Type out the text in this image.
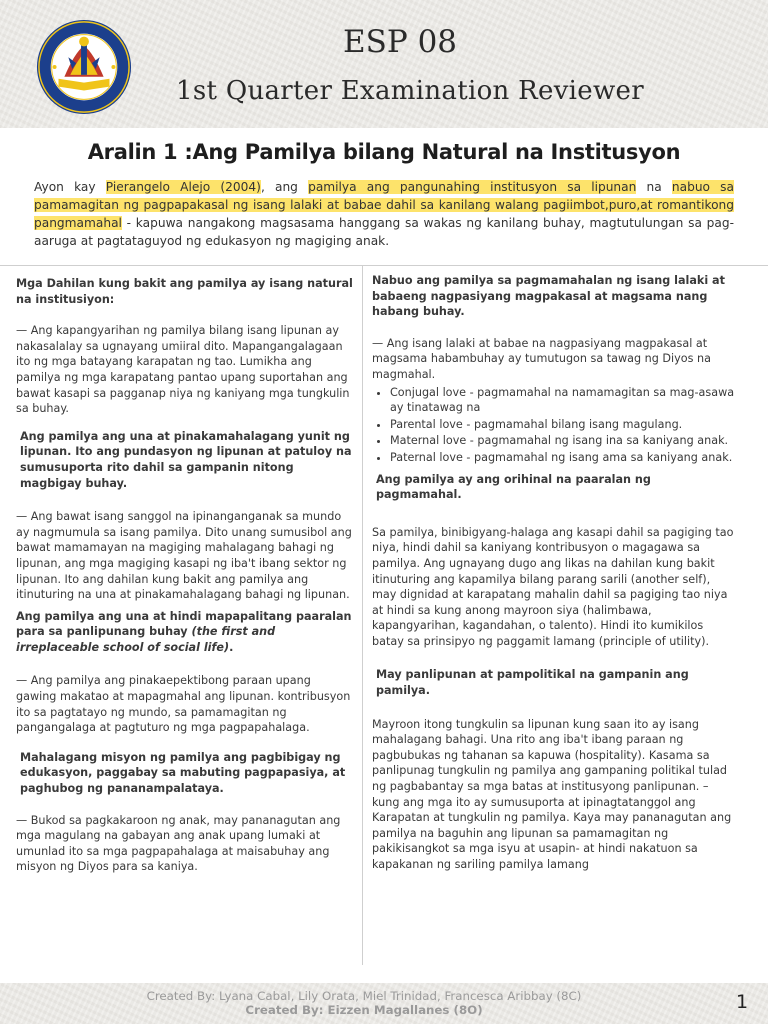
ESP 08
1st Quarter Examination Reviewer
Aralin 1 :Ang Pamilya bilang Natural na Institusyon
Ayon kay Pierangelo Alejo (2004), ang pamilya ang pangunahing institusyon sa lipunan na nabuo sa pamamagitan ng pagpapakasal ng isang lalaki at babae dahil sa kanilang walang pagiimbot,puro,at romantikong pangmamahal - kapuwa nangakong magsasama hanggang sa wakas ng kanilang buhay, magtutulungan sa pag-aaruga at pagtataguyod ng edukasyon ng magiging anak.

Mga Dahilan kung bakit ang pamilya ay isang natural na institusiyon:

— Ang kapangyarihan ng pamilya bilang isang lipunan ay nakasalalay sa ugnayang umiiral dito. Mapangangalagaan ito ng mga batayang karapatan ng tao. Lumikha ang pamilya ng mga karapatang pantao upang suportahan ang bawat kasapi sa pagganap niya ng kaniyang mga tungkulin sa buhay.

Ang pamilya ang una at pinakamahalagang yunit ng lipunan. Ito ang pundasyon ng lipunan at patuloy na sumusuporta rito dahil sa gampanin nitong magbigay buhay.

— Ang bawat isang sanggol na ipinanganganak sa mundo ay nagmumula sa isang pamilya. Dito unang sumusibol ang bawat mamamayan na magiging mahalagang bahagi ng lipunan, ang mga magiging kasapi ng iba't ibang sektor ng lipunan. Ito ang dahilan kung bakit ang pamilya ang itinuturing na una at pinakamahalagang bahagi ng lipunan.

Ang pamilya ang una at hindi mapapalitang paaralan para sa panlipunang buhay (the first and irreplaceable school of social life).

— Ang pamilya ang pinakaepektibong paraan upang gawing makatao at mapagmahal ang lipunan. kontribusyon ito sa pagtatayo ng mundo, sa pamamagitan ng pangangalaga at pagtuturo ng mga pagpapahalaga.

Mahalagang misyon ng pamilya ang pagbibigay ng edukasyon, paggabay sa mabuting pagpapasiya, at paghubog ng pananampalataya.

— Bukod sa pagkakaroon ng anak, may pananagutan ang mga magulang na gabayan ang anak upang lumaki at umunlad ito sa mga pagpapahalaga at maisabuhay ang misyon ng Diyos para sa kaniya.

Nabuo ang pamilya sa pagmamahalan ng isang lalaki at babaeng nagpasiyang magpakasal at magsama nang habang buhay.

— Ang isang lalaki at babae na nagpasiyang magpakasal at magsama habambuhay ay tumutugon sa tawag ng Diyos na magmahal.

• Conjugal love - pagmamahal na namamagitan sa mag-asawa ay tinatawag na
• Parental love - pagmamahal bilang isang magulang.
• Maternal love - pagmamahal ng isang ina sa kaniyang anak.
• Paternal love - pagmamahal ng isang ama sa kaniyang anak.

Ang pamilya ay ang orihinal na paaralan ng pagmamahal.

Sa pamilya, binibigyang-halaga ang kasapi dahil sa pagiging tao niya, hindi dahil sa kaniyang kontribusyon o magagawa sa pamilya. Ang ugnayang dugo ang likas na dahilan kung bakit itinuturing ang kapamilya bilang parang sarili (another self), may dignidad at karapatang mahalin dahil sa pagiging tao niya at hindi sa kung anong mayroon siya (halimbawa, kapangyarihan, kagandahan, o talento). Hindi ito kumikilos batay sa prinsipyo ng paggamit lamang (principle of utility).

May panlipunan at pampolitikal na gampanin ang pamilya.

Mayroon itong tungkulin sa lipunan kung saan ito ay isang mahalagang bahagi. Una rito ang iba't ibang paraan ng pagbubukas ng tahanan sa kapuwa (hospitality). Kasama sa panlipunag tungkulin ng pamilya ang gampaning politikal tulad ng pagbabantay sa mga batas at institusyong panlipunan. – kung ang mga ito ay sumusuporta at ipinagtatanggol ang Karapatan at tungkulin ng pamilya. Kaya may pananagutan ang pamilya na baguhin ang lipunan sa pamamagitan ng pakikisangkot sa mga isyu at usapin- at hindi nakatuon sa kapakanan ng sariling pamilya lamang

Created By: Lyana Cabal, Lily Orata, Miel Trinidad, Francesca Aribbay (8C)
Created By: Eizzen Magallanes (8O)	1
